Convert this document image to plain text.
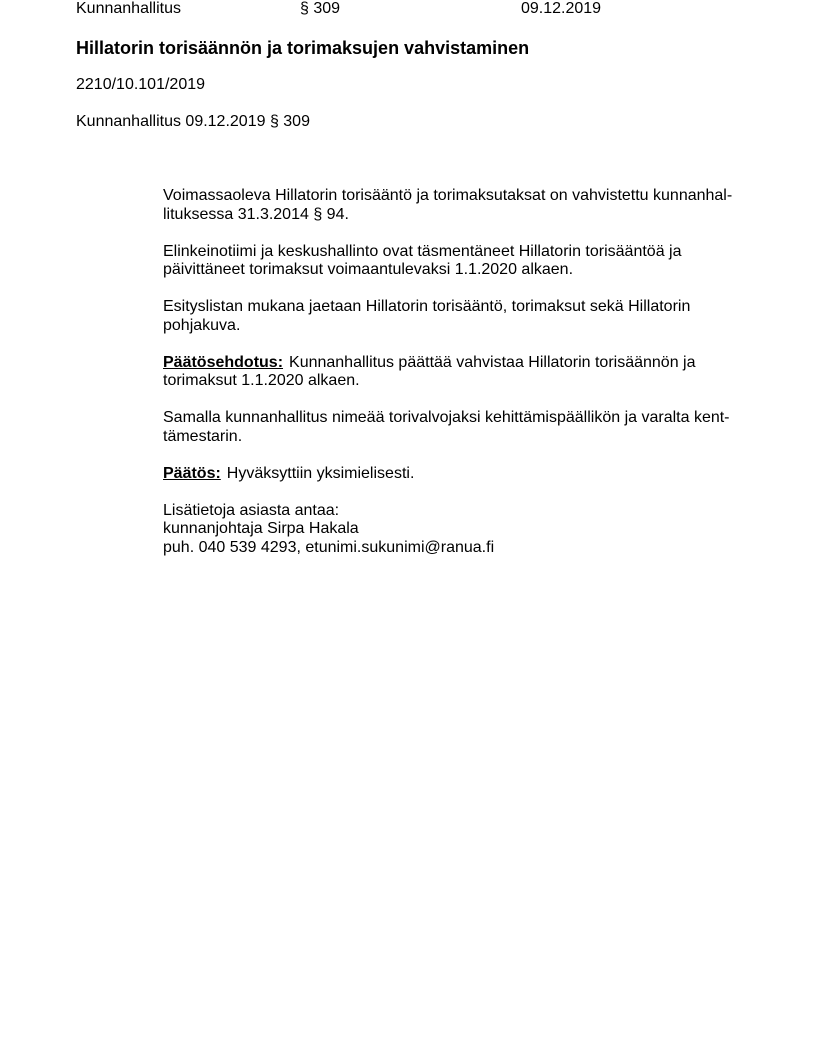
Kunnanhallitus	§ 309	09.12.2019
Hillatorin torisäännön ja torimaksujen vahvistaminen
2210/10.101/2019
Kunnanhallitus 09.12.2019 § 309

Voimassaoleva Hillatorin torisääntö ja torimaksutaksat on vahvistettu kunnanhal-
lituksessa 31.3.2014 § 94.

Elinkeinotiimi ja keskushallinto ovat täsmentäneet Hillatorin torisääntöä ja
päivittäneet torimaksut voimaantulevaksi 1.1.2020 alkaen.

Esityslistan mukana jaetaan Hillatorin torisääntö, torimaksut sekä Hillatorin
pohjakuva.

Päätösehdotus: Kunnanhallitus päättää vahvistaa Hillatorin torisäännön ja
torimaksut 1.1.2020 alkaen.

Samalla kunnanhallitus nimeää torivalvojaksi kehittämispäällikön ja varalta kent-
tämestarin.

Päätös: Hyväksyttiin yksimielisesti.

Lisätietoja asiasta antaa:
kunnanjohtaja Sirpa Hakala
puh. 040 539 4293, etunimi.sukunimi@ranua.fi
